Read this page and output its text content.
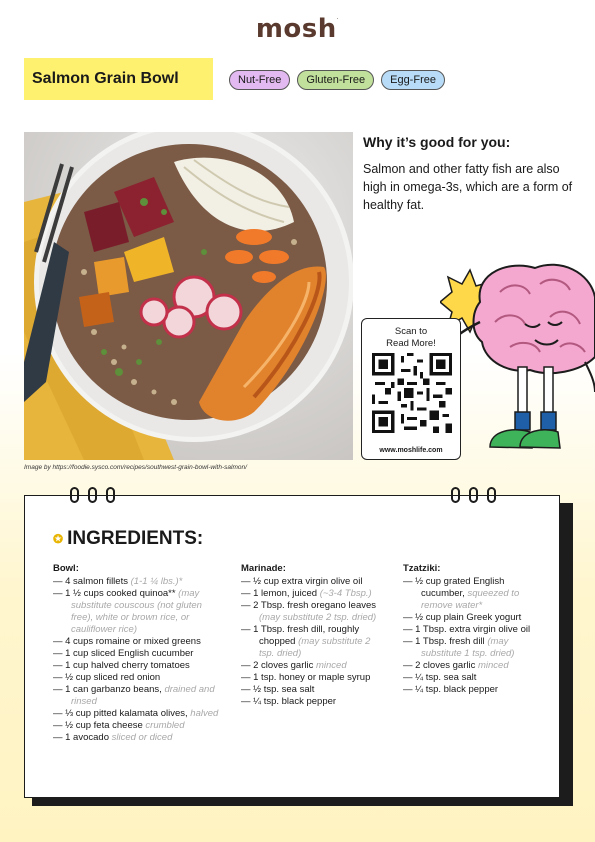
mosh.
Salmon Grain Bowl	Nut-Free	Gluten-Free	Egg-Free
Image by https://foodie.sysco.com/recipes/southwest-grain-bowl-with-salmon/
Why it’s good for you:
Salmon and other fatty fish are also high in omega-3s, which are a form of healthy fat.
Scan to
Read More!
www.moshlife.com
✪ INGREDIENTS:
Bowl:
— 4 salmon fillets (1-1 ¼ lbs.)*
— 1 ½ cups cooked quinoa** (may substitute couscous (not gluten free), white or brown rice, or cauliflower rice)
— 4 cups romaine or mixed greens
— 1 cup sliced English cucumber
— 1 cup halved cherry tomatoes
— ½ cup sliced red onion
— 1 can garbanzo beans, drained and rinsed
— ⅓ cup pitted kalamata olives, halved
— ½ cup feta cheese crumbled
— 1 avocado sliced or diced
Marinade:
— ½ cup extra virgin olive oil
— 1 lemon, juiced (~3-4 Tbsp.)
— 2 Tbsp. fresh oregano leaves (may substitute 2 tsp. dried)
— 1 Tbsp. fresh dill, roughly chopped (may substitute 2 tsp. dried)
— 2 cloves garlic minced
— 1 tsp. honey or maple syrup
— ½ tsp. sea salt
— ¼ tsp. black pepper
Tzatziki:
— ½ cup grated English cucumber, squeezed to remove water*
— ½ cup plain Greek yogurt
— 1 Tbsp. extra virgin olive oil
— 1 Tbsp. fresh dill (may substitute 1 tsp. dried)
— 2 cloves garlic minced
— ¼ tsp. sea salt
— ¼ tsp. black pepper
